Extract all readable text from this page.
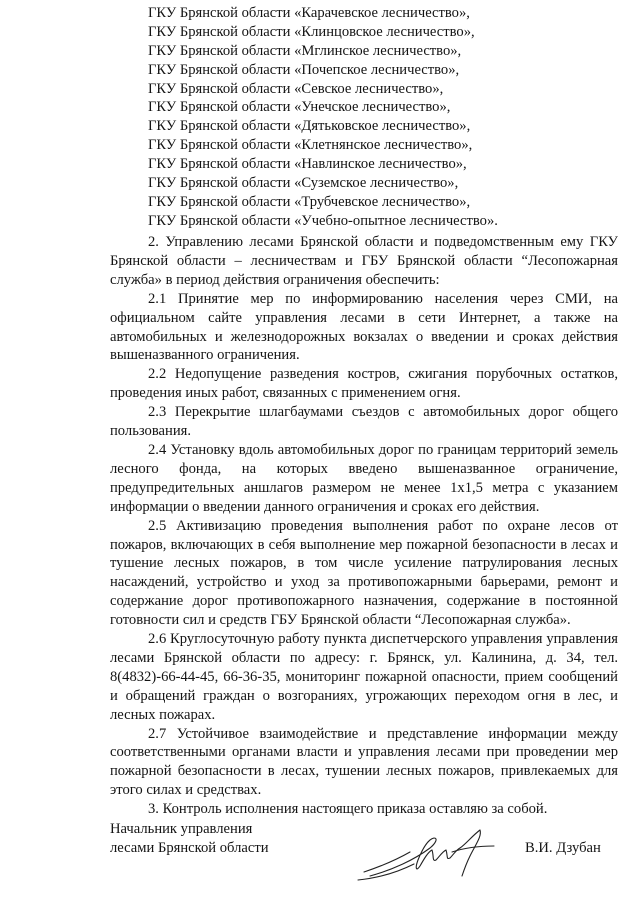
ГКУ Брянской области «Карачевское лесничество»,
ГКУ Брянской области «Клинцовское лесничество»,
ГКУ Брянской области «Мглинское лесничество»,
ГКУ Брянской области «Почепское лесничество»,
ГКУ Брянской области «Севское лесничество»,
ГКУ Брянской области «Унечское лесничество»,
ГКУ Брянской области «Дятьковское лесничество»,
ГКУ Брянской области «Клетнянское лесничество»,
ГКУ Брянской области «Навлинское лесничество»,
ГКУ Брянской области «Суземское лесничество»,
ГКУ Брянской области «Трубчевское лесничество»,
ГКУ Брянской области «Учебно-опытное лесничество».

2. Управлению лесами Брянской области и подведомственным ему ГКУ Брянской области – лесничествам и ГБУ Брянской области “Лесопожарная служба» в период действия ограничения обеспечить:

2.1 Принятие мер по информированию населения через СМИ, на официальном сайте управления лесами в сети Интернет, а также на автомобильных и железнодорожных вокзалах о введении и сроках действия вышеназванного ограничения.

2.2 Недопущение разведения костров, сжигания порубочных остатков, проведения иных работ, связанных с применением огня.

2.3 Перекрытие шлагбаумами съездов с автомобильных дорог общего пользования.

2.4 Установку вдоль автомобильных дорог по границам территорий земель лесного фонда, на которых введено вышеназванное ограничение, предупредительных аншлагов размером не менее 1х1,5 метра с указанием информации о введении данного ограничения и сроках его действия.

2.5 Активизацию проведения выполнения работ по охране лесов от пожаров, включающих в себя выполнение мер пожарной безопасности в лесах и тушение лесных пожаров, в том числе усиление патрулирования лесных насаждений, устройство и уход за противопожарными барьерами, ремонт и содержание дорог противопожарного назначения, содержание в постоянной готовности сил и средств ГБУ Брянской области “Лесопожарная служба».

2.6 Круглосуточную работу пункта диспетчерского управления управления лесами Брянской области по адресу: г. Брянск, ул. Калинина, д. 34, тел. 8(4832)-66-44-45, 66-36-35, мониторинг пожарной опасности, прием сообщений и обращений граждан о возгораниях, угрожающих переходом огня в лес, и лесных пожарах.

2.7 Устойчивое взаимодействие и представление информации между соответственными органами власти и управления лесами при проведении мер пожарной безопасности в лесах, тушении лесных пожаров, привлекаемых для этого силах и средствах.

3. Контроль исполнения настоящего приказа оставляю за собой.

Начальник управления
лесами Брянской области	В.И. Дзубан
